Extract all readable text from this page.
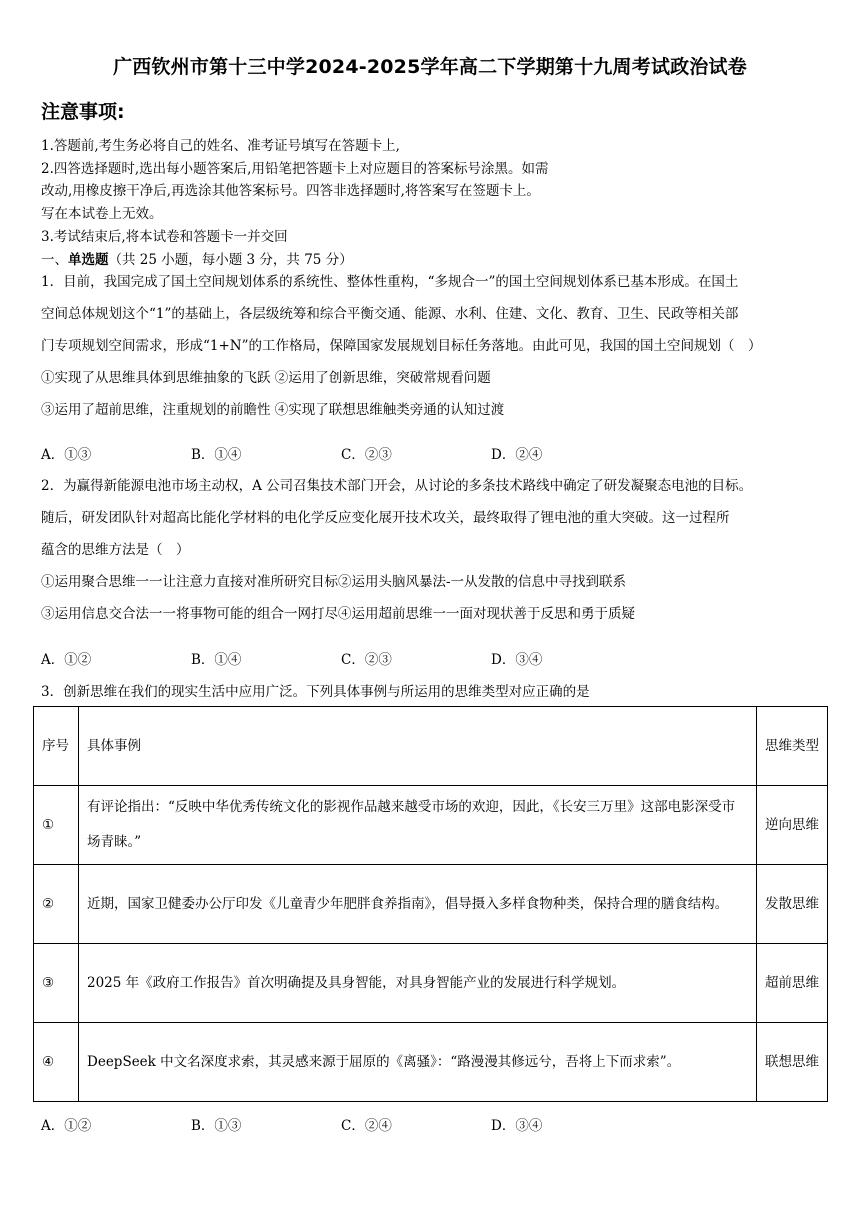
广西钦州市第十三中学2024-2025学年高二下学期第十九周考试政治试卷
注意事项:
1.答题前,考生务必将自己的姓名、准考证号填写在答题卡上,
2.四答选择题时,选出每小题答案后,用铅笔把答题卡上对应题目的答案标号涂黑。如需
改动,用橡皮擦干净后,再选涂其他答案标号。四答非选择题时,将答案写在签题卡上。
写在本试卷上无效。
3.考试结束后,将本试卷和答题卡一并交回
一、单选题（共 25 小题，每小题 3 分，共 75 分）
1．目前，我国完成了国土空间规划体系的系统性、整体性重构，“多规合一”的国土空间规划体系已基本形成。在国土
空间总体规划这个“1”的基础上，各层级统筹和综合平衡交通、能源、水利、住建、文化、教育、卫生、民政等相关部
门专项规划空间需求，形成“1+N”的工作格局，保障国家发展规划目标任务落地。由此可见，我国的国土空间规划（　）
①实现了从思维具体到思维抽象的飞跃 ②运用了创新思维，突破常规看问题
③运用了超前思维，注重规划的前瞻性 ④实现了联想思维触类旁通的认知过渡
A．①③	B．①④	C．②③	D．②④
2．为赢得新能源电池市场主动权，A 公司召集技术部门开会，从讨论的多条技术路线中确定了研发凝聚态电池的目标。
随后，研发团队针对超高比能化学材料的电化学反应变化展开技术攻关，最终取得了锂电池的重大突破。这一过程所
蕴含的思维方法是（　）
①运用聚合思维一一让注意力直接对准所研究目标②运用头脑风暴法-一从发散的信息中寻找到联系
③运用信息交合法一一将事物可能的组合一网打尽④运用超前思维一一面对现状善于反思和勇于质疑
A．①②	B．①④	C．②③	D．③④
3．创新思维在我们的现实生活中应用广泛。下列具体事例与所运用的思维类型对应正确的是
序号	具体事例	思维类型
①	有评论指出：“反映中华优秀传统文化的影视作品越来越受市场的欢迎，因此，《长安三万里》这部电影深受市场青睐。”	逆向思维
②	近期，国家卫健委办公厅印发《儿童青少年肥胖食养指南》，倡导摄入多样食物种类，保持合理的膳食结构。	发散思维
③	2025 年《政府工作报告》首次明确提及具身智能，对具身智能产业的发展进行科学规划。	超前思维
④	DeepSeek 中文名深度求索，其灵感来源于屈原的《离骚》：“路漫漫其修远兮，吾将上下而求索”。	联想思维
A．①②	B．①③	C．②④	D．③④
